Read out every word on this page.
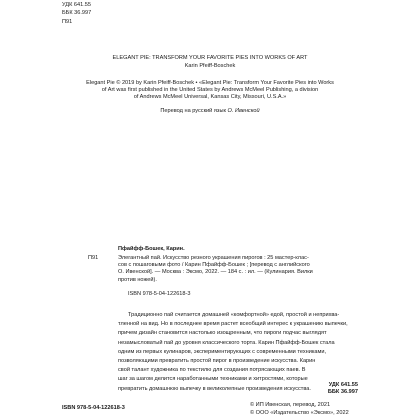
УДК 641.55
ББК 36.997
П91
ELEGANT PIE: TRANSFORM YOUR FAVORITE PIES INTO WORKS OF ART
Karin Pfeiff-Boschek
Elegant Pie © 2019 by Karin Pfeiff-Boschek • «Elegant Pie: Transform Your Favorite Pies into Works
of Art was first published in the United States by Andrews McMeel Publishing, a division
of Andrews McMeel Universal, Kansas City, Missouri, U.S.A.»
Перевод на русский язык О. Ивенской
Пфайфф-Бошек, Карин.
П91	Элегантный пай. Искусство резного украшения пирогов : 25 мастер-клас-
сов с пошаговыми фото / Карин Пфайфф-Бошек ; [перевод с английского
О. Ивенской]. — Москва : Эксмо, 2022. — 184 с. : ил. — (Кулинария. Вилки
против ножей).
ISBN 978-5-04-122618-3

Традиционно пай считается домашней «комфортной» едой, простой и неприхва-

тленной на вид. Но в последнее время растет всеобщий интерес к украшению выпечки,

причем дизайн становится настолько изощренным, что пироги подчас выглядят

незамысловатый пай до уровня классического торта. Карин Пфайфф-Бошек стала

одним из первых кулинаров, экспериментирующих с современными техниками,

позволяющими превратить простой пирог в произведение искусства. Карин

свой талант художника по текстилю для создания потрясающих паев. В

шаг за шагом делится наработанными техниками и хитростями, которые

превратить домашнюю выпечку в великолепные произведения искусства.

УДК 641.55
ББК 36.997
ISBN 978-5-04-122618-3	© ИП Ивенская, перевод, 2021
© ООО «Издательство «Эксмо», 2022
